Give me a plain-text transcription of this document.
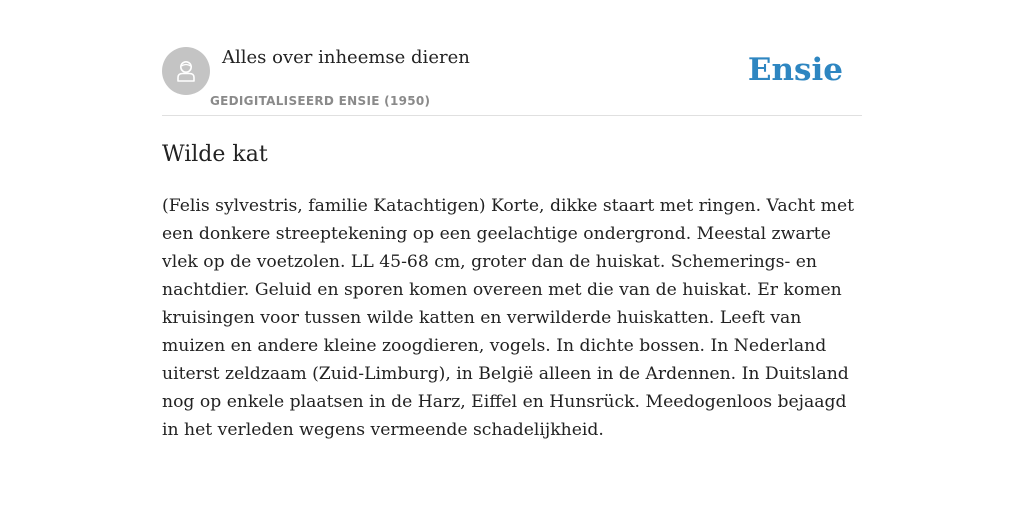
Alles over inheemse dieren
GEDIGITALISEERD ENSIE (1950)
Ensie
Wilde kat

(Felis sylvestris, familie Katachtigen) Korte, dikke staart met ringen. Vacht met een donkere streeptekening op een geelachtige ondergrond. Meestal zwarte vlek op de voetzolen. LL 45-68 cm, groter dan de huiskat. Schemerings- en nachtdier. Geluid en sporen komen overeen met die van de huiskat. Er komen kruisingen voor tussen wilde katten en verwilderde huiskatten. Leeft van muizen en andere kleine zoogdieren, vogels. In dichte bossen. In Nederland uiterst zeldzaam (Zuid-Limburg), in België alleen in de Ardennen. In Duitsland nog op enkele plaatsen in de Harz, Eiffel en Hunsrück. Meedogenloos bejaagd in het verleden wegens vermeende schadelijkheid.
